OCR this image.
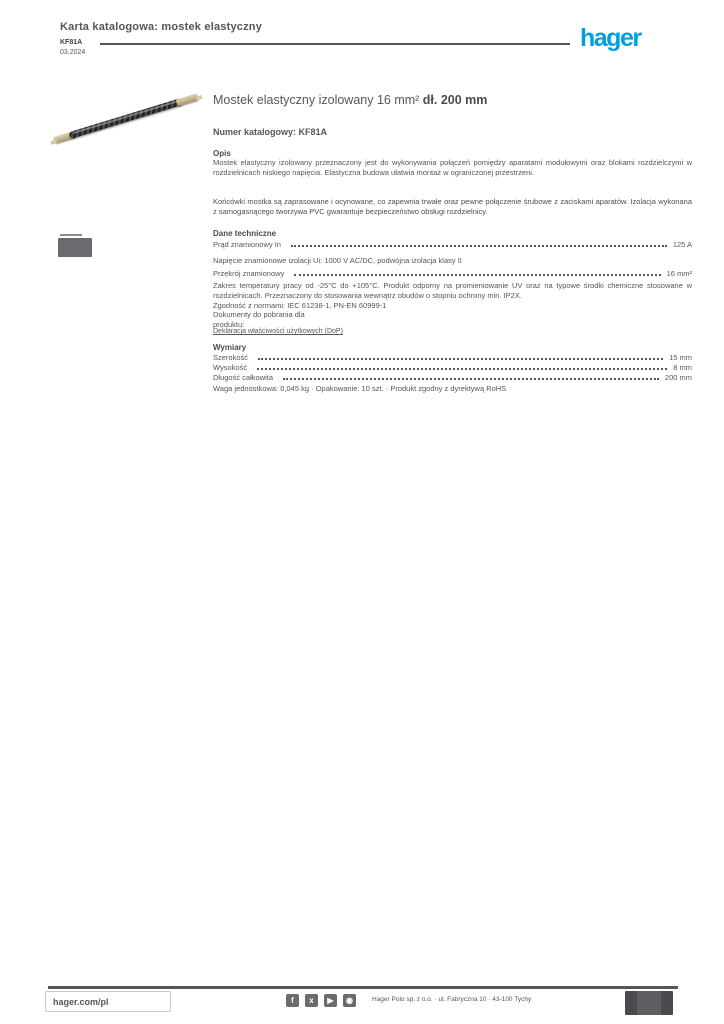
Karta katalogowa: mostek elastyczny
KF81A
03.2024
hager
Mostek elastyczny izolowany 16 mm² dł. 200 mm
Numer katalogowy: KF81A
Opis
Mostek elastyczny izolowany przeznaczony jest do wykonywania połączeń pomiędzy aparatami modułowymi oraz blokami rozdzielczymi w rozdzielnicach niskiego napięcia. Elastyczna budowa ułatwia montaż w ograniczonej przestrzeni.
Końcówki mostka są zaprasowane i ocynowane, co zapewnia trwałe oraz pewne połączenie śrubowe z zaciskami aparatów. Izolacja wykonana z samogasnącego tworzywa PVC gwarantuje bezpieczeństwo obsługi rozdzielnicy.
Dane techniczne
Prąd znamionowy In	125 A
Napięcie znamionowe izolacji Ui: 1000 V AC/DC, podwójna izolacja klasy II
Przekrój znamionowy	16 mm²
Zakres temperatury pracy od -25°C do +105°C. Produkt odporny na promieniowanie UV oraz na typowe środki chemiczne stosowane w rozdzielnicach. Przeznaczony do stosowania wewnątrz obudów o stopniu ochrony min. IP2X.
Zgodność z normami: IEC 61238-1, PN-EN 60999-1
Dokumenty do pobrania dla produktu:
Deklaracja właściwości użytkowych (DoP)
Wymiary
Szerokość	15 mm
Wysokość	8 mm
Długość całkowita	200 mm
Waga jednostkowa: 0,045 kg · Opakowanie: 10 szt. · Produkt zgodny z dyrektywą RoHS
hager.com/pl	f	x	▶	◉	Hager Polo sp. z o.o. · ul. Fabryczna 10 · 43-100 Tychy
